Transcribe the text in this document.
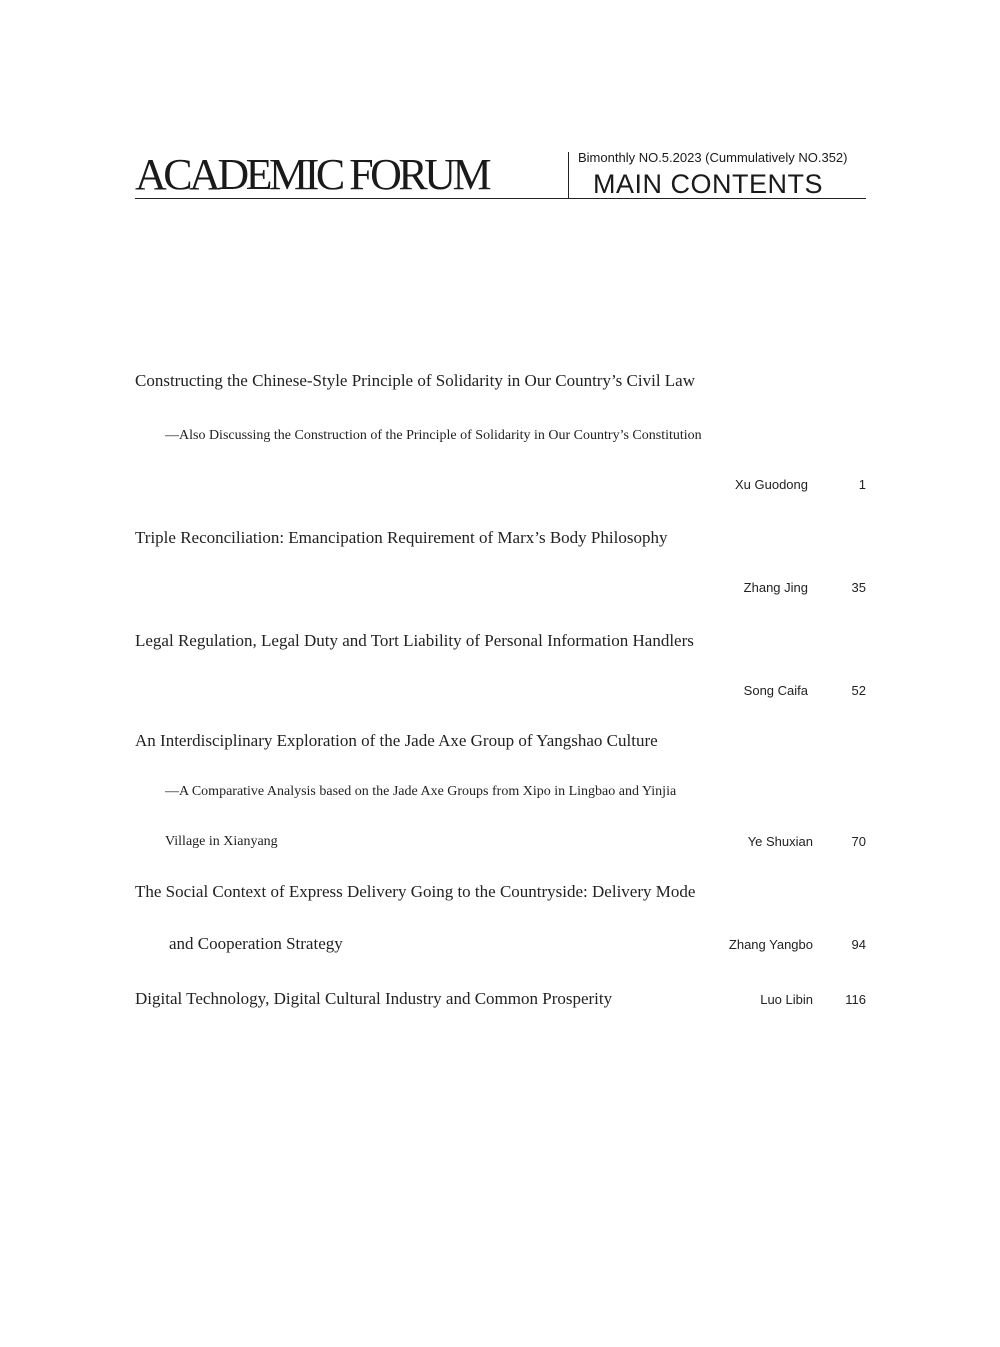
ACADEMIC FORUM	Bimonthly NO.5.2023 (Cummulatively NO.352)
MAIN CONTENTS
Constructing the Chinese-Style Principle of Solidarity in Our Country’s Civil Law
—Also Discussing the Construction of the Principle of Solidarity in Our Country’s Constitution
Xu Guodong	1
Triple Reconciliation: Emancipation Requirement of Marx’s Body Philosophy
Zhang Jing	35
Legal Regulation, Legal Duty and Tort Liability of Personal Information Handlers
Song Caifa	52
An Interdisciplinary Exploration of the Jade Axe Group of Yangshao Culture
—A Comparative Analysis based on the Jade Axe Groups from Xipo in Lingbao and Yinjia
Village in Xianyang	Ye Shuxian	70
The Social Context of Express Delivery Going to the Countryside: Delivery Mode
and Cooperation Strategy	Zhang Yangbo	94
Digital Technology, Digital Cultural Industry and Common Prosperity	Luo Libin	116
